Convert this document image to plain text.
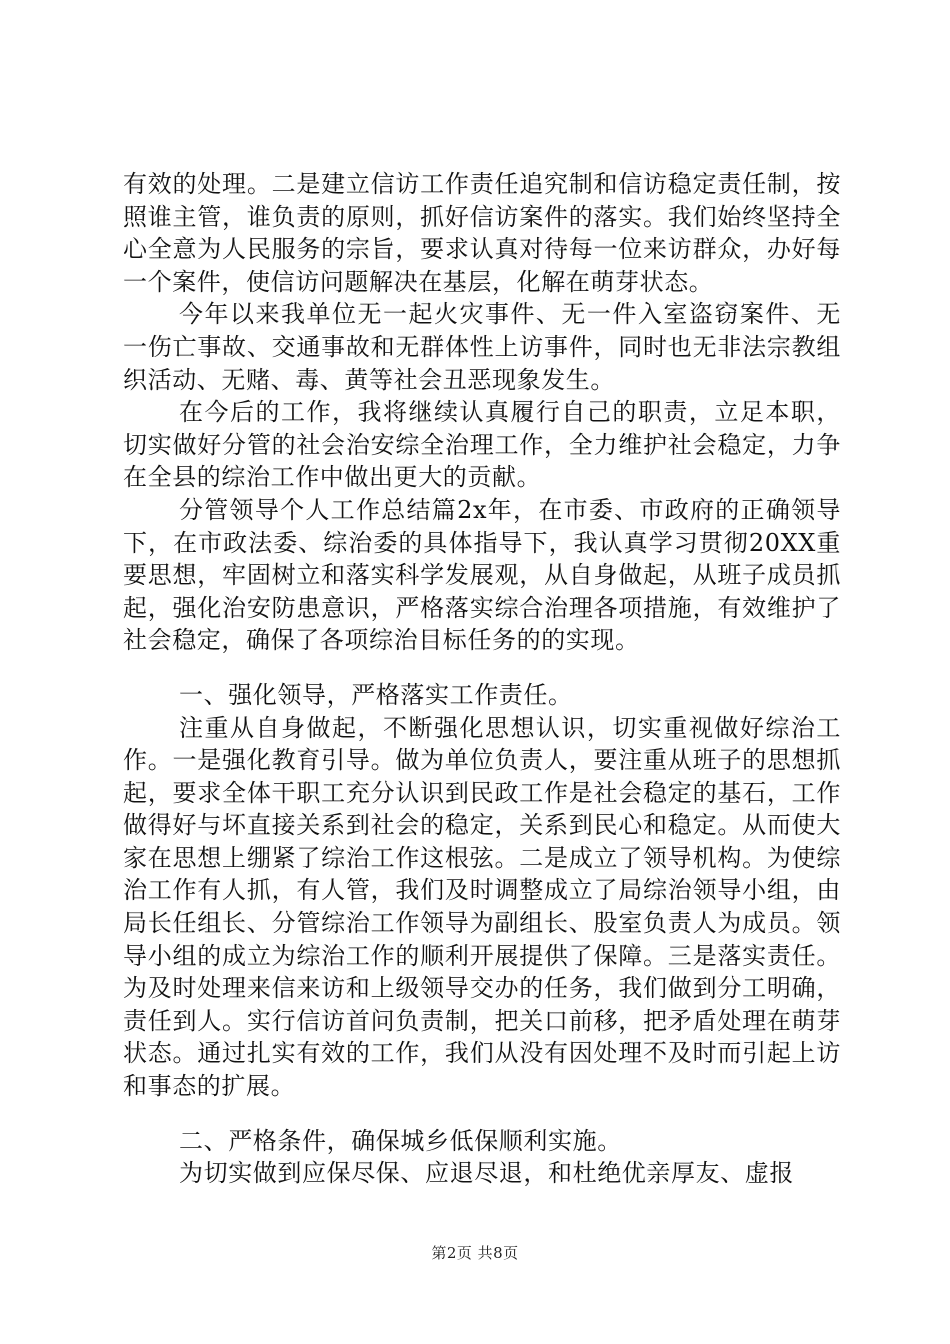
有效的处理。二是建立信访工作责任追究制和信访稳定责任制，按照谁主管，谁负责的原则，抓好信访案件的落实。我们始终坚持全心全意为人民服务的宗旨，要求认真对待每一位来访群众，办好每一个案件，使信访问题解决在基层，化解在萌芽状态。

今年以来我单位无一起火灾事件、无一件入室盗窃案件、无一伤亡事故、交通事故和无群体性上访事件，同时也无非法宗教组织活动、无赌、毒、黄等社会丑恶现象发生。

在今后的工作，我将继续认真履行自己的职责，立足本职，切实做好分管的社会治安综全治理工作，全力维护社会稳定，力争在全县的综治工作中做出更大的贡献。

分管领导个人工作总结篇2x年，在市委、市政府的正确领导下，在市政法委、综治委的具体指导下，我认真学习贯彻20XX重要思想，牢固树立和落实科学发展观，从自身做起，从班子成员抓起，强化治安防患意识，严格落实综合治理各项措施，有效维护了社会稳定，确保了各项综治目标任务的的实现。

一、强化领导，严格落实工作责任。

注重从自身做起，不断强化思想认识，切实重视做好综治工作。一是强化教育引导。做为单位负责人，要注重从班子的思想抓起，要求全体干职工充分认识到民政工作是社会稳定的基石，工作做得好与坏直接关系到社会的稳定，关系到民心和稳定。从而使大家在思想上绷紧了综治工作这根弦。二是成立了领导机构。为使综治工作有人抓，有人管，我们及时调整成立了局综治领导小组，由局长任组长、分管综治工作领导为副组长、股室负责人为成员。领导小组的成立为综治工作的顺利开展提供了保障。三是落实责任。为及时处理来信来访和上级领导交办的任务，我们做到分工明确，责任到人。实行信访首问负责制，把关口前移，把矛盾处理在萌芽状态。通过扎实有效的工作，我们从没有因处理不及时而引起上访和事态的扩展。

二、严格条件，确保城乡低保顺利实施。

为切实做到应保尽保、应退尽退，和杜绝优亲厚友、虚报

第2页 共8页
